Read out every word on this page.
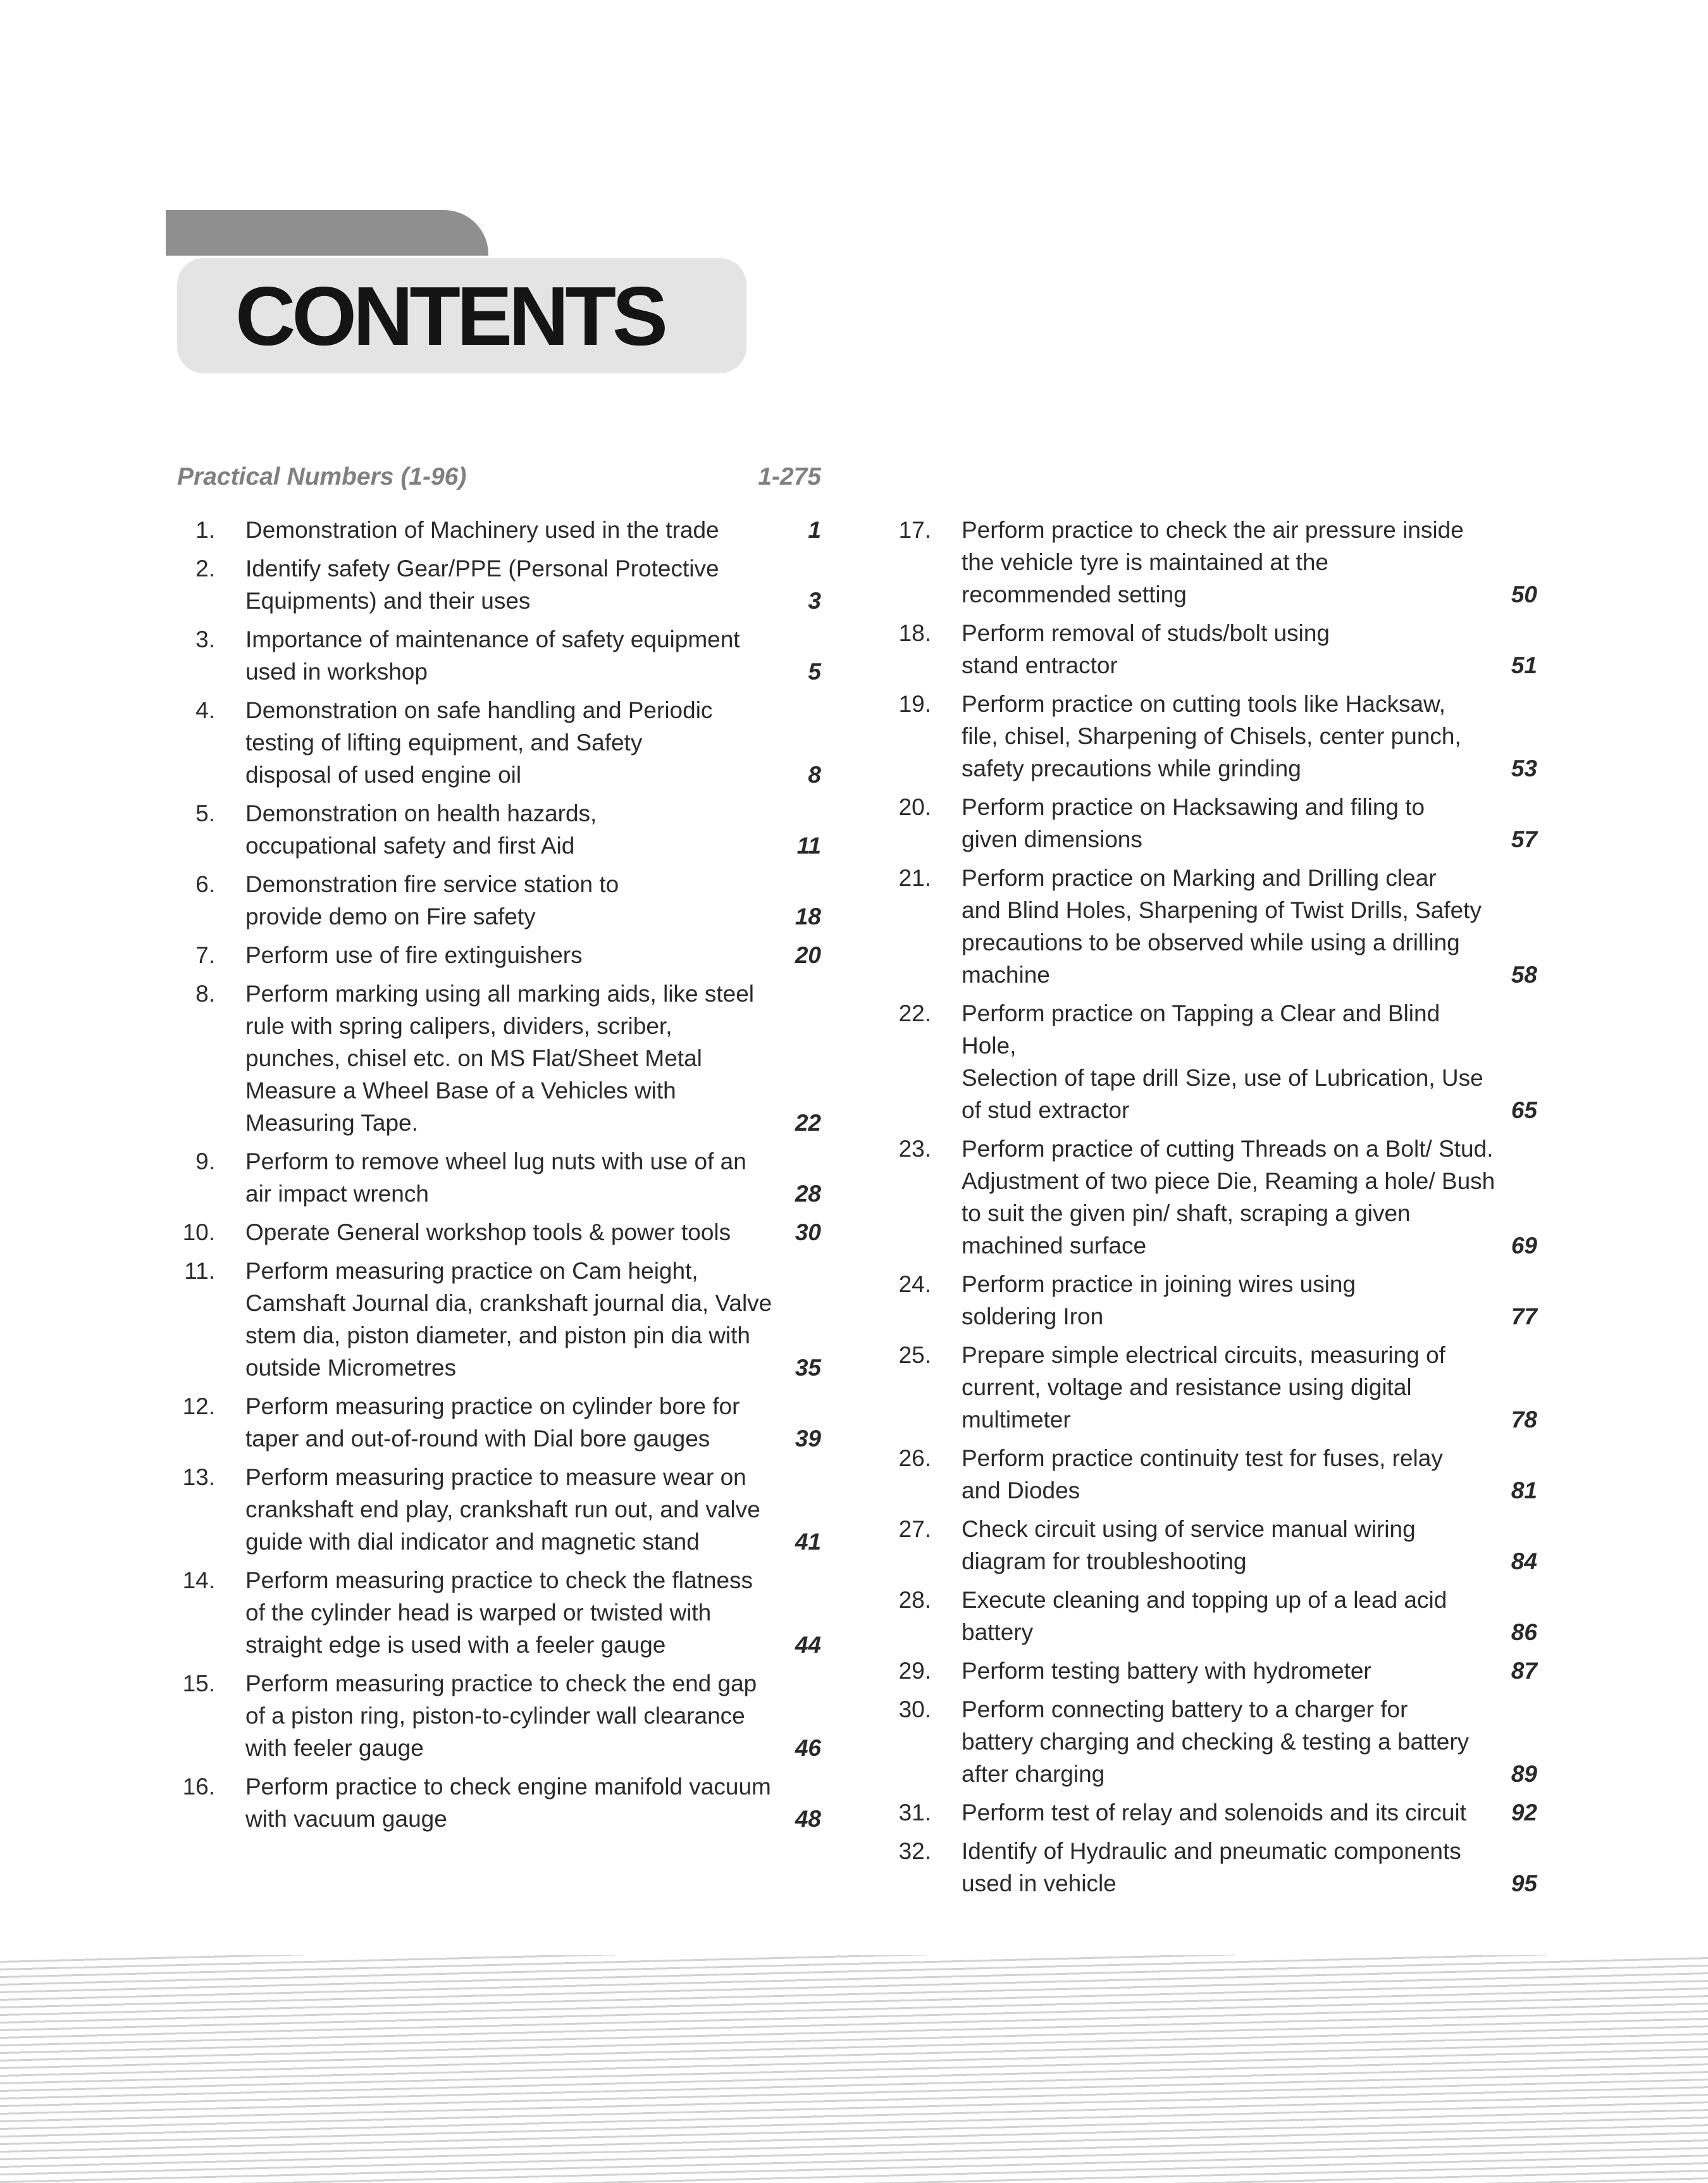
CONTENTS
Practical Numbers (1-96)	1-275
1.	Demonstration of Machinery used in the trade	1
2.	Identify safety Gear/PPE (Personal Protective
Equipments) and their uses	3
3.	Importance of maintenance of safety equipment
used in workshop	5
4.	Demonstration on safe handling and Periodic
testing of lifting equipment, and Safety
disposal of used engine oil	8
5.	Demonstration on health hazards,
occupational safety and first Aid	11
6.	Demonstration fire service station to
provide demo on Fire safety	18
7.	Perform use of fire extinguishers	20
8.	Perform marking using all marking aids, like steel
rule with spring calipers, dividers, scriber,
punches, chisel etc. on MS Flat/Sheet Metal
Measure a Wheel Base of a Vehicles with
Measuring Tape.	22
9.	Perform to remove wheel lug nuts with use of an
air impact wrench	28
10.	Operate General workshop tools & power tools	30
11.	Perform measuring practice on Cam height,
Camshaft Journal dia, crankshaft journal dia, Valve
stem dia, piston diameter, and piston pin dia with
outside Micrometres	35
12.	Perform measuring practice on cylinder bore for
taper and out-of-round with Dial bore gauges	39
13.	Perform measuring practice to measure wear on
crankshaft end play, crankshaft run out, and valve
guide with dial indicator and magnetic stand	41
14.	Perform measuring practice to check the flatness
of the cylinder head is warped or twisted with
straight edge is used with a feeler gauge	44
15.	Perform measuring practice to check the end gap
of a piston ring, piston-to-cylinder wall clearance
with feeler gauge	46
16.	Perform practice to check engine manifold vacuum
with vacuum gauge	48
17.	Perform practice to check the air pressure inside
the vehicle tyre is maintained at the
recommended setting	50
18.	Perform removal of studs/bolt using
stand entractor	51
19.	Perform practice on cutting tools like Hacksaw,
file, chisel, Sharpening of Chisels, center punch,
safety precautions while grinding	53
20.	Perform practice on Hacksawing and filing to
given dimensions	57
21.	Perform practice on Marking and Drilling clear
and Blind Holes, Sharpening of Twist Drills, Safety
precautions to be observed while using a drilling
machine	58
22.	Perform practice on Tapping a Clear and Blind Hole,
Selection of tape drill Size, use of Lubrication, Use
of stud extractor	65
23.	Perform practice of cutting Threads on a Bolt/ Stud.
Adjustment of two piece Die, Reaming a hole/ Bush
to suit the given pin/ shaft, scraping a given
machined surface	69
24.	Perform practice in joining wires using
soldering Iron	77
25.	Prepare simple electrical circuits, measuring of
current, voltage and resistance using digital
multimeter	78
26.	Perform practice continuity test for fuses, relay
and Diodes	81
27.	Check circuit using of service manual wiring
diagram for troubleshooting	84
28.	Execute cleaning and topping up of a lead acid
battery	86
29.	Perform testing battery with hydrometer	87
30.	Perform connecting battery to a charger for
battery charging and checking & testing a battery
after charging	89
31.	Perform test of relay and solenoids and its circuit	92
32.	Identify of Hydraulic and pneumatic components
used in vehicle	95
